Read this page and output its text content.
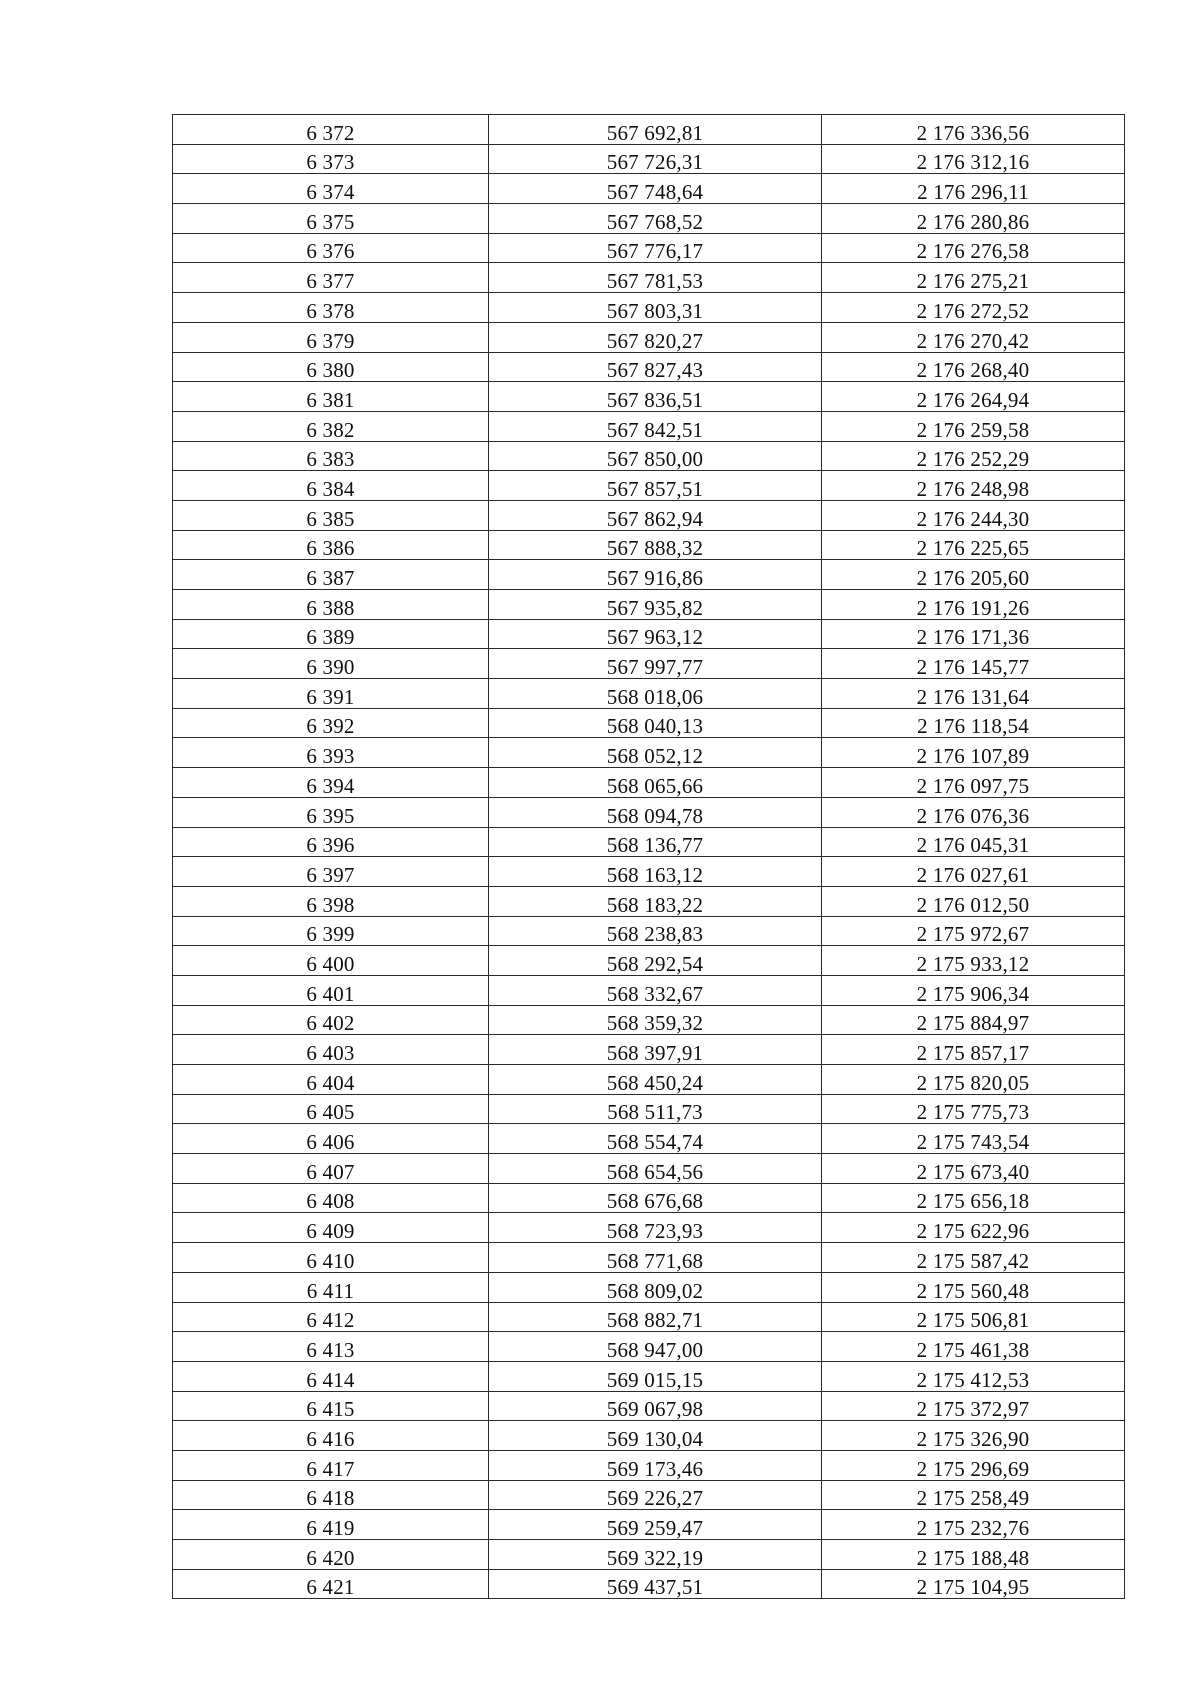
6 372	567 692,81	2 176 336,56
6 373	567 726,31	2 176 312,16
6 374	567 748,64	2 176 296,11
6 375	567 768,52	2 176 280,86
6 376	567 776,17	2 176 276,58
6 377	567 781,53	2 176 275,21
6 378	567 803,31	2 176 272,52
6 379	567 820,27	2 176 270,42
6 380	567 827,43	2 176 268,40
6 381	567 836,51	2 176 264,94
6 382	567 842,51	2 176 259,58
6 383	567 850,00	2 176 252,29
6 384	567 857,51	2 176 248,98
6 385	567 862,94	2 176 244,30
6 386	567 888,32	2 176 225,65
6 387	567 916,86	2 176 205,60
6 388	567 935,82	2 176 191,26
6 389	567 963,12	2 176 171,36
6 390	567 997,77	2 176 145,77
6 391	568 018,06	2 176 131,64
6 392	568 040,13	2 176 118,54
6 393	568 052,12	2 176 107,89
6 394	568 065,66	2 176 097,75
6 395	568 094,78	2 176 076,36
6 396	568 136,77	2 176 045,31
6 397	568 163,12	2 176 027,61
6 398	568 183,22	2 176 012,50
6 399	568 238,83	2 175 972,67
6 400	568 292,54	2 175 933,12
6 401	568 332,67	2 175 906,34
6 402	568 359,32	2 175 884,97
6 403	568 397,91	2 175 857,17
6 404	568 450,24	2 175 820,05
6 405	568 511,73	2 175 775,73
6 406	568 554,74	2 175 743,54
6 407	568 654,56	2 175 673,40
6 408	568 676,68	2 175 656,18
6 409	568 723,93	2 175 622,96
6 410	568 771,68	2 175 587,42
6 411	568 809,02	2 175 560,48
6 412	568 882,71	2 175 506,81
6 413	568 947,00	2 175 461,38
6 414	569 015,15	2 175 412,53
6 415	569 067,98	2 175 372,97
6 416	569 130,04	2 175 326,90
6 417	569 173,46	2 175 296,69
6 418	569 226,27	2 175 258,49
6 419	569 259,47	2 175 232,76
6 420	569 322,19	2 175 188,48
6 421	569 437,51	2 175 104,95
